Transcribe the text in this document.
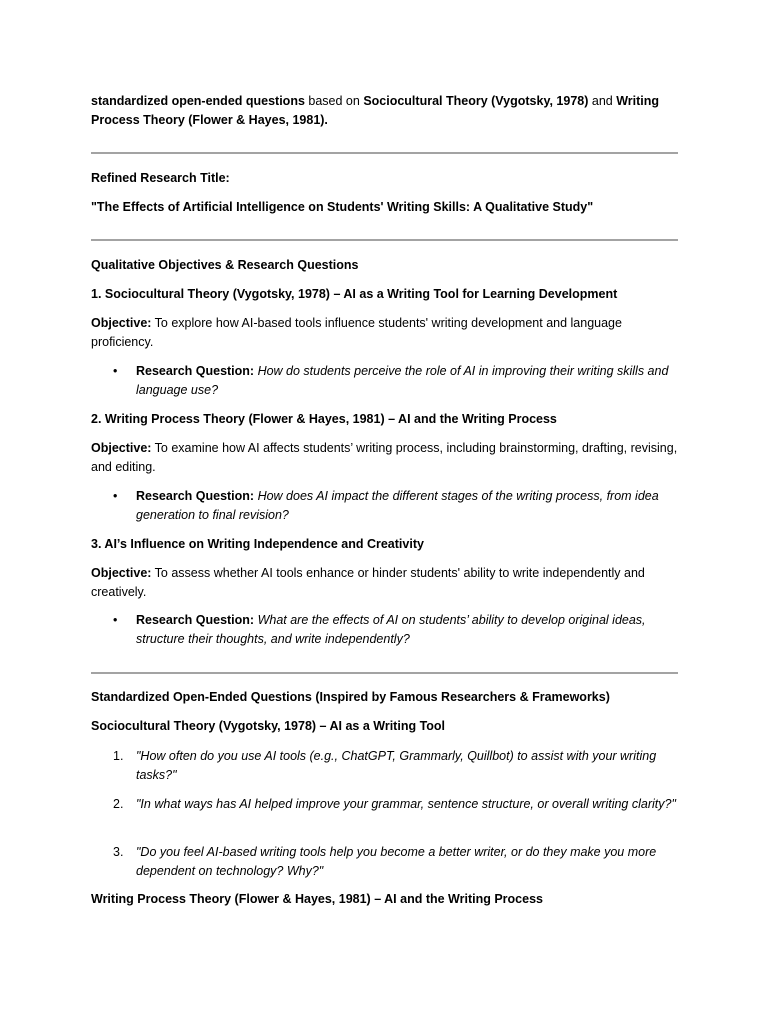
standardized open-ended questions based on Sociocultural Theory (Vygotsky, 1978) and Writing Process Theory (Flower & Hayes, 1981).

Refined Research Title:

"The Effects of Artificial Intelligence on Students' Writing Skills: A Qualitative Study"

Qualitative Objectives & Research Questions

1. Sociocultural Theory (Vygotsky, 1978) – AI as a Writing Tool for Learning Development

Objective: To explore how AI-based tools influence students' writing development and language proficiency.

• Research Question: How do students perceive the role of AI in improving their writing skills and language use?

2. Writing Process Theory (Flower & Hayes, 1981) – AI and the Writing Process

Objective: To examine how AI affects students’ writing process, including brainstorming, drafting, revising, and editing.

• Research Question: How does AI impact the different stages of the writing process, from idea generation to final revision?

3. AI’s Influence on Writing Independence and Creativity

Objective: To assess whether AI tools enhance or hinder students' ability to write independently and creatively.

• Research Question: What are the effects of AI on students’ ability to develop original ideas, structure their thoughts, and write independently?

Standardized Open-Ended Questions (Inspired by Famous Researchers & Frameworks)

Sociocultural Theory (Vygotsky, 1978) – AI as a Writing Tool

1. "How often do you use AI tools (e.g., ChatGPT, Grammarly, Quillbot) to assist with your writing tasks?"

2. "In what ways has AI helped improve your grammar, sentence structure, or overall writing clarity?"

3. "Do you feel AI-based writing tools help you become a better writer, or do they make you more dependent on technology? Why?"

Writing Process Theory (Flower & Hayes, 1981) – AI and the Writing Process
